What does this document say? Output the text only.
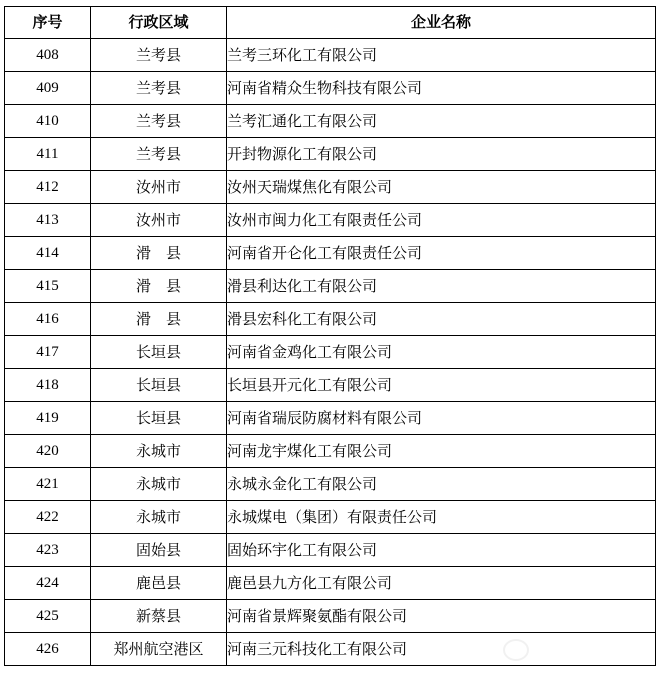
序号	行政区域	企业名称
408	兰考县	兰考三环化工有限公司
409	兰考县	河南省精众生物科技有限公司
410	兰考县	兰考汇通化工有限公司
411	兰考县	开封物源化工有限公司
412	汝州市	汝州天瑞煤焦化有限公司
413	汝州市	汝州市闽力化工有限责任公司
414	滑　县	河南省开仑化工有限责任公司
415	滑　县	滑县利达化工有限公司
416	滑　县	滑县宏科化工有限公司
417	长垣县	河南省金鸡化工有限公司
418	长垣县	长垣县开元化工有限公司
419	长垣县	河南省瑞辰防腐材料有限公司
420	永城市	河南龙宇煤化工有限公司
421	永城市	永城永金化工有限公司
422	永城市	永城煤电（集团）有限责任公司
423	固始县	固始环宇化工有限公司
424	鹿邑县	鹿邑县九方化工有限公司
425	新蔡县	河南省景辉聚氨酯有限公司
426	郑州航空港区	河南三元科技化工有限公司
